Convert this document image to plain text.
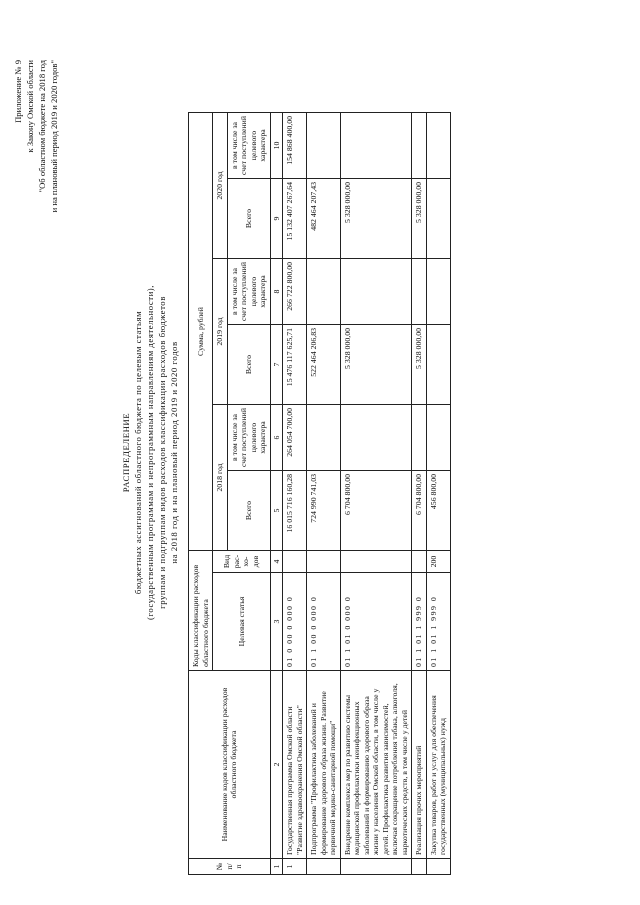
Приложение № 9 к Закону Омской области "Об областном бюджете на 2018 год и на плановый период 2019 и 2020 годов"
РАСПРЕДЕЛЕНИЕ бюджетных ассигнований областного бюджета по целевым статьям (государственным программам и непрограммным направлениям деятельности), группам и подгруппам видов расходов классификации расходов бюджетов на 2018 год и на плановый период 2019 и 2020 годов
№ п/п	Наименование кодов классификации расходов областного бюджета	Коды классификации расходов областного бюджета		Сумма, рублей					
		Целевая статья	Вид рас- хо- дов	2018 год		2019 год		2020 год	
				Всего	в том числе за счет поступлений целевого характера	Всего	в том числе за счет поступлений целевого характера	Всего	в том числе за счет поступлений целевого характера
1	2	3	4	5	6	7	8	9	10
1	Государственная программа Омской области "Развитие здравоохранения Омской области"	01 0 00 0 000 0		16 015 716 160,28	264 054 700,00	15 476 117 625,71	266 722 800,00	15 132 407 267,64	154 868 400,00
	Подпрограмма "Профилактика заболеваний и формирование здорового образа жизни. Развитие первичной медико-санитарной помощи"	01 1 00 0 000 0		724 990 741,03		522 464 206,83		482 464 207,43	
	Внедрение комплекса мер по развитию системы медицинской профилактики неинфекционных заболеваний и формированию здорового образа жизни у населения Омской области, в том числе у детей. Профилактика развития зависимостей, включая сокращение потребления табака, алкоголя, наркотических средств, в том числе у детей	01 1 01 0 000 0		6 704 800,00		5 328 000,00		5 328 000,00	
	Реализация прочих мероприятий	01 1 01 1 999 0		6 704 800,00		5 328 000,00		5 328 000,00	
	Закупка товаров, работ и услуг для обеспечения государственных (муниципальных) нужд	01 1 01 1 999 0	200	456 800,00					
